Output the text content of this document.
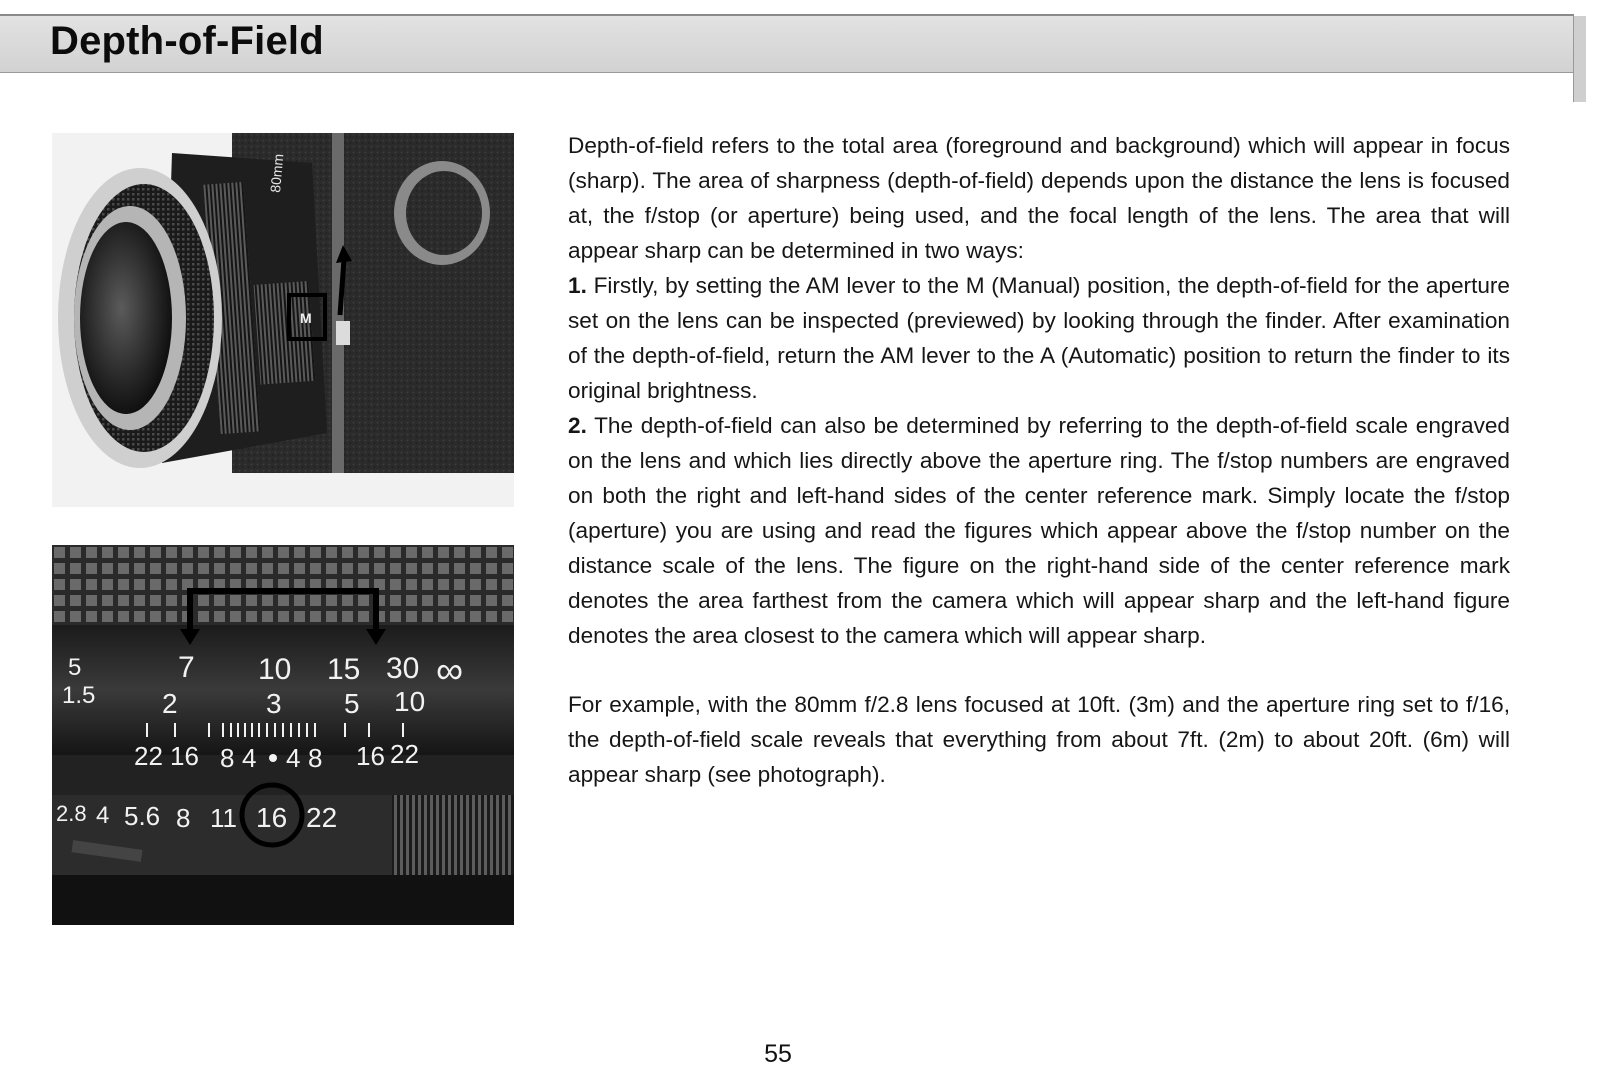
Depth-of-Field
80mm
M
5
1.5
7 10 15 30 ∞
2	3 5 10
22 16 8 4 4 8 16 22
2.8 4 5.6 8 11 16 22

Depth-of-field refers to the total area (foreground and background) which will appear in focus (sharp). The area of sharpness (depth-of-field) depends upon the distance the lens is focused at, the f/stop (or aperture) being used, and the focal length of the lens. The area that will appear sharp can be determined in two ways:

1. Firstly, by setting the AM lever to the M (Manual) position, the depth-of-field for the aperture set on the lens can be inspected (previewed) by looking through the finder. After examination of the depth-of-field, return the AM lever to the A (Automatic) position to return the finder to its original brightness.

2. The depth-of-field can also be determined by referring to the depth-of-field scale engraved on the lens and which lies directly above the aperture ring. The f/stop numbers are engraved on both the right and left-hand sides of the center reference mark. Simply locate the f/stop (aperture) you are using and read the figures which appear above the f/stop number on the distance scale of the lens. The figure on the right-hand side of the center reference mark denotes the area farthest from the camera which will appear sharp and the left-hand figure denotes the area closest to the camera which will appear sharp.

For example, with the 80mm f/2.8 lens focused at 10ft. (3m) and the aperture ring set to f/16, the depth-of-field scale reveals that everything from about 7ft. (2m) to about 20ft. (6m) will appear sharp (see photograph).

55
